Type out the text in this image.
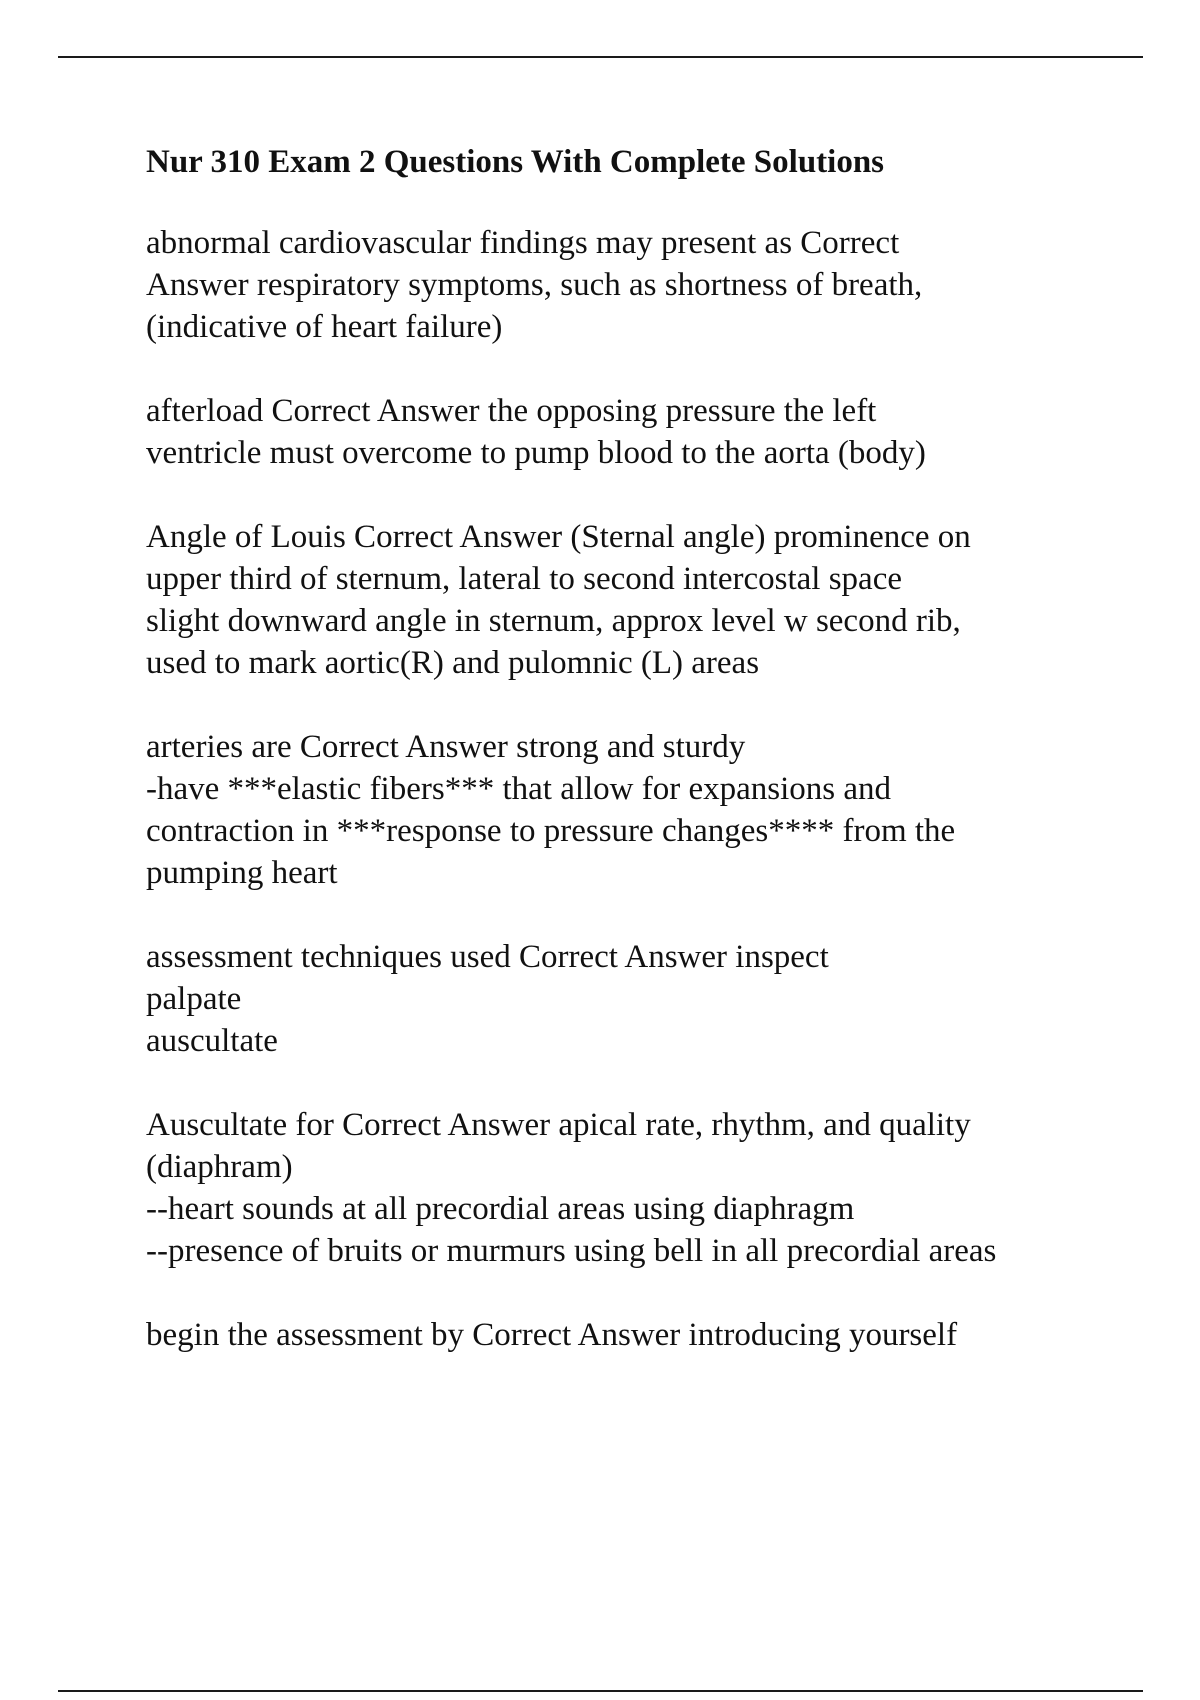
Nur 310 Exam 2 Questions With Complete Solutions
abnormal cardiovascular findings may present as Correct
Answer respiratory symptoms, such as shortness of breath,
(indicative of heart failure)
afterload Correct Answer the opposing pressure the left
ventricle must overcome to pump blood to the aorta (body)
Angle of Louis Correct Answer (Sternal angle) prominence on
upper third of sternum, lateral to second intercostal space
slight downward angle in sternum, approx level w second rib,
used to mark aortic(R) and pulomnic (L) areas
arteries are Correct Answer strong and sturdy
-have ***elastic fibers*** that allow for expansions and
contraction in ***response to pressure changes**** from the
pumping heart
assessment techniques used Correct Answer inspect
palpate
auscultate
Auscultate for Correct Answer apical rate, rhythm, and quality
(diaphram)
--heart sounds at all precordial areas using diaphragm
--presence of bruits or murmurs using bell in all precordial areas
begin the assessment by Correct Answer introducing yourself
